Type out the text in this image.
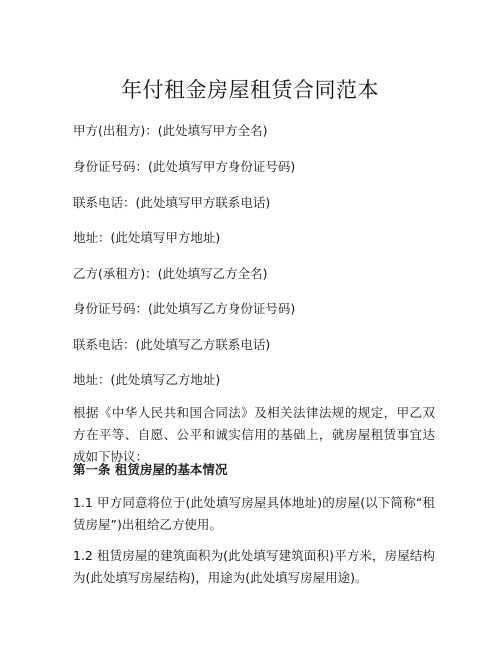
年付租金房屋租赁合同范本
甲方(出租方)：(此处填写甲方全名)
身份证号码：(此处填写甲方身份证号码)
联系电话：(此处填写甲方联系电话)
地址：(此处填写甲方地址)
乙方(承租方)：(此处填写乙方全名)
身份证号码：(此处填写乙方身份证号码)
联系电话：(此处填写乙方联系电话)
地址：(此处填写乙方地址)
根据《中华人民共和国合同法》及相关法律法规的规定，甲乙双方在平等、自愿、公平和诚实信用的基础上，就房屋租赁事宜达成如下协议：
第一条 租赁房屋的基本情况
1.1 甲方同意将位于(此处填写房屋具体地址)的房屋(以下简称“租赁房屋”)出租给乙方使用。
1.2 租赁房屋的建筑面积为(此处填写建筑面积)平方米，房屋结构为(此处填写房屋结构)，用途为(此处填写房屋用途)。
